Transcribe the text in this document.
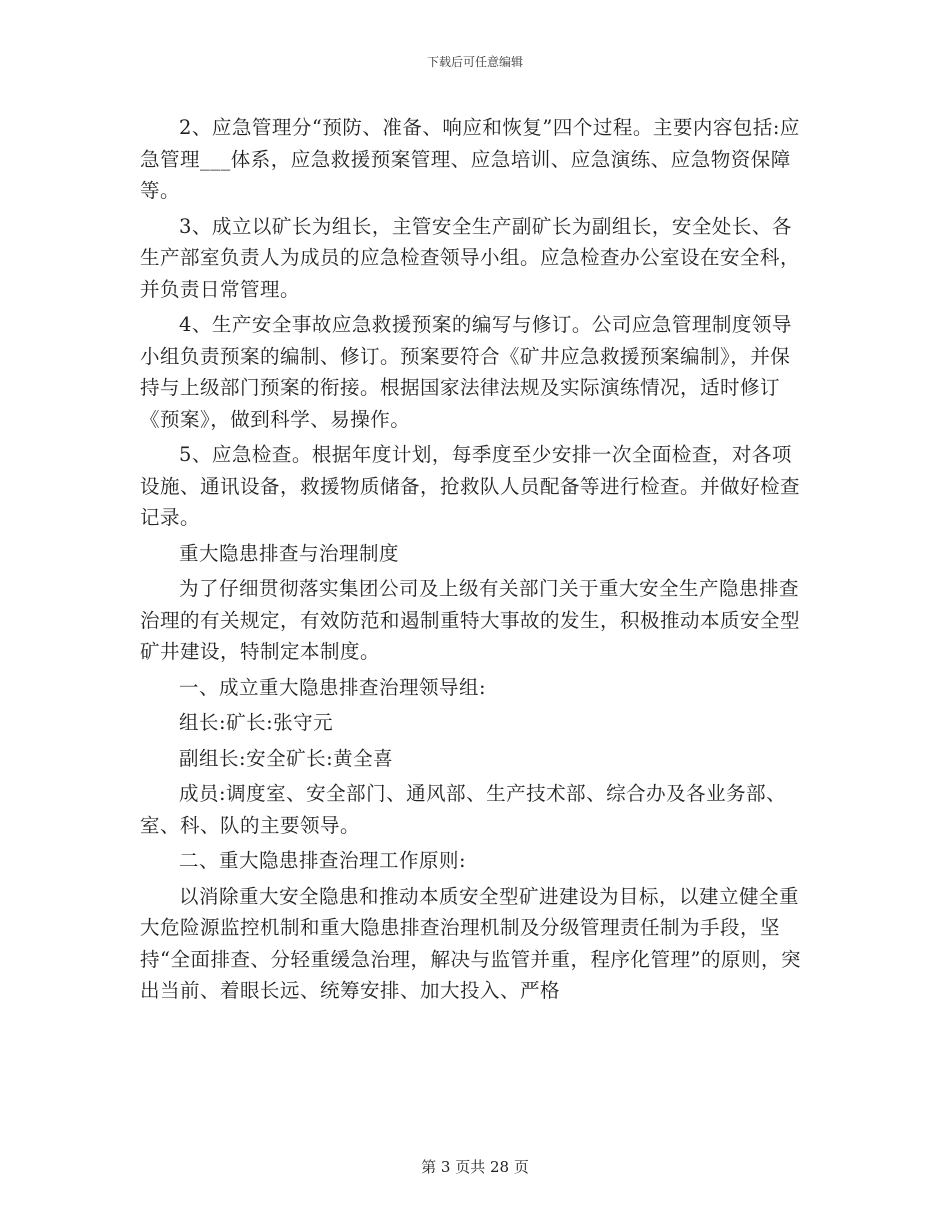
下载后可任意编辑

2、应急管理分“预防、准备、响应和恢复”四个过程。主要内容包括:应急管理___体系，应急救援预案管理、应急培训、应急演练、应急物资保障等。

3、成立以矿长为组长，主管安全生产副矿长为副组长，安全处长、各生产部室负责人为成员的应急检查领导小组。应急检查办公室设在安全科，并负责日常管理。

4、生产安全事故应急救援预案的编写与修订。公司应急管理制度领导小组负责预案的编制、修订。预案要符合《矿井应急救援预案编制》，并保持与上级部门预案的衔接。根据国家法律法规及实际演练情况，适时修订《预案》，做到科学、易操作。

5、应急检查。根据年度计划，每季度至少安排一次全面检查，对各项设施、通讯设备，救援物质储备，抢救队人员配备等进行检查。并做好检查记录。

重大隐患排查与治理制度

为了仔细贯彻落实集团公司及上级有关部门关于重大安全生产隐患排查治理的有关规定，有效防范和遏制重特大事故的发生，积极推动本质安全型矿井建设，特制定本制度。

一、成立重大隐患排查治理领导组:

组长:矿长:张守元

副组长:安全矿长:黄全喜

成员:调度室、安全部门、通风部、生产技术部、综合办及各业务部、室、科、队的主要领导。

二、重大隐患排查治理工作原则:

以消除重大安全隐患和推动本质安全型矿进建设为目标，以建立健全重大危险源监控机制和重大隐患排查治理机制及分级管理责任制为手段，坚持“全面排查、分轻重缓急治理，解决与监管并重，程序化管理”的原则，突出当前、着眼长远、统筹安排、加大投入、严格

第 3 页共 28 页
